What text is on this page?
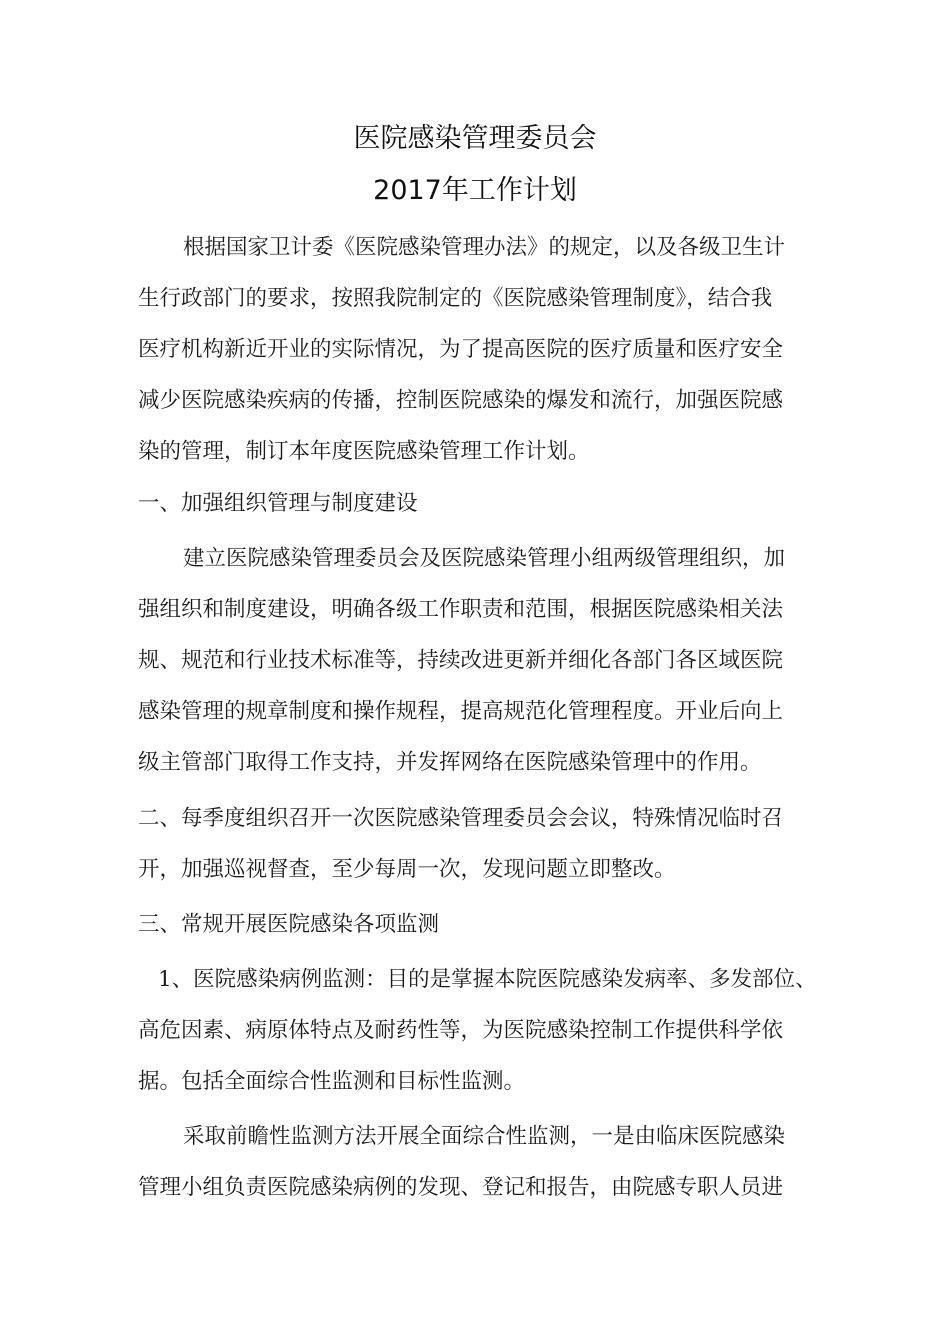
医院感染管理委员会
2017年工作计划
根据国家卫计委《医院感染管理办法》的规定，以及各级卫生计
生行政部门的要求，按照我院制定的《医院感染管理制度》，结合我
医疗机构新近开业的实际情况，为了提高医院的医疗质量和医疗安全
减少医院感染疾病的传播，控制医院感染的爆发和流行，加强医院感
染的管理，制订本年度医院感染管理工作计划。
一、加强组织管理与制度建设
建立医院感染管理委员会及医院感染管理小组两级管理组织，加
强组织和制度建设，明确各级工作职责和范围，根据医院感染相关法
规、规范和行业技术标准等，持续改进更新并细化各部门各区域医院
感染管理的规章制度和操作规程，提高规范化管理程度。开业后向上
级主管部门取得工作支持，并发挥网络在医院感染管理中的作用。
二、每季度组织召开一次医院感染管理委员会会议，特殊情况临时召
开，加强巡视督查，至少每周一次，发现问题立即整改。
三、常规开展医院感染各项监测
1、医院感染病例监测：目的是掌握本院医院感染发病率、多发部位、
高危因素、病原体特点及耐药性等，为医院感染控制工作提供科学依
据。包括全面综合性监测和目标性监测。
采取前瞻性监测方法开展全面综合性监测，一是由临床医院感染
管理小组负责医院感染病例的发现、登记和报告，由院感专职人员进
